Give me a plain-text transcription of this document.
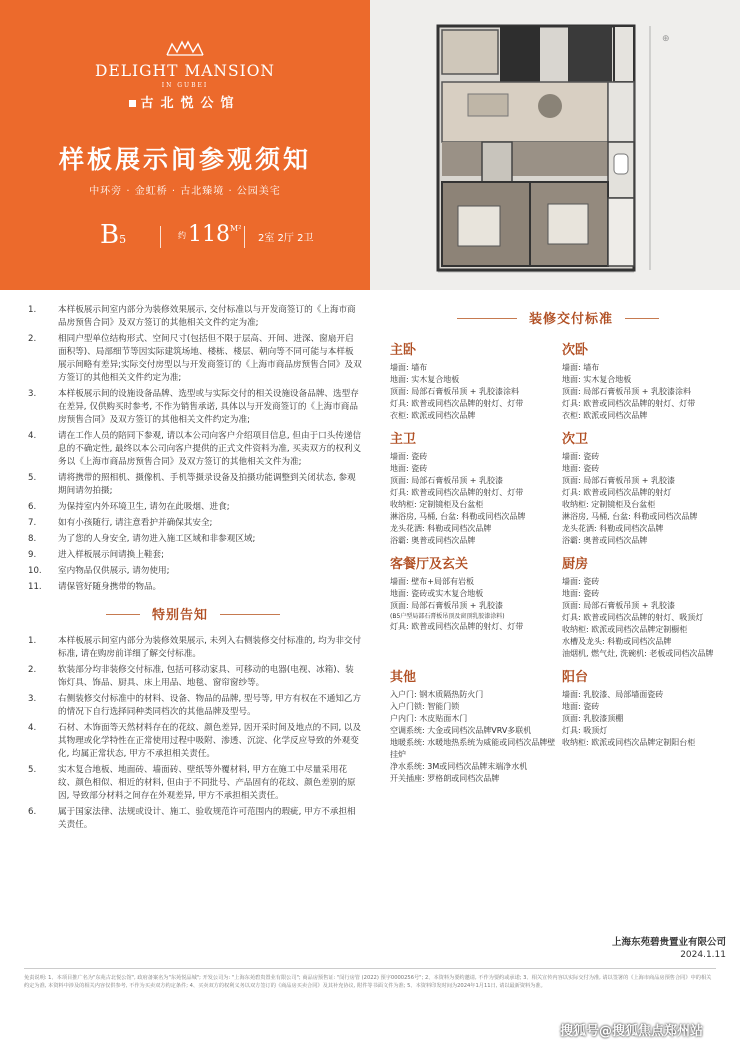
DELIGHT MANSION
IN GUBEI
古北悦公馆
样板展示间参观须知
中环旁 · 金虹桥 · 古北臻境 · 公园美宅
B5	约$118^{M^2}$
2室 2厅 2卫
⊕
1.	本样板展示间室内部分为装修效果展示, 交付标准以与开发商签订的《上海市商品房预售合同》及双方签订的其他相关文件约定为准;
2.	相同户型单位结构形式、空间尺寸(包括但不限于层高、开间、进深、窗扇开启面积等)、局部细节等因实际建筑场地、楼栋、楼层、朝向等不同可能与本样板展示间略有差异;实际交付房型以与开发商签订的《上海市商品房预售合同》及双方签订的其他相关文件约定为准;
3.	本样板展示间的设施设备品牌、选型或与实际交付的相关设施设备品牌、选型存在差异, 仅供购买时参考, 不作为销售承诺, 具体以与开发商签订的《上海市商品房预售合同》及双方签订的其他相关文件约定为准;
4.	请在工作人员的陪同下参观, 请以本公司向客户介绍项目信息, 但由于口头传递信息的不确定性, 最终以本公司向客户提供的正式文件资料为准, 买卖双方的权利义务以《上海市商品房预售合同》及双方签订的其他相关文件为准;
5.	请将携带的照相机、摄像机、手机等摄录设备及拍摄功能调整到关闭状态, 参观期间请勿拍摄;
6.	为保持室内外环境卫生, 请勿在此吸烟、进食;
7.	如有小孩随行, 请注意看护并确保其安全;
8.	为了您的人身安全, 请勿进入施工区域和非参观区域;
9.	进入样板展示间请换上鞋套;
10. 室内物品仅供展示, 请勿使用;
11. 请保管好随身携带的物品。
特别告知
1.	本样板展示间室内部分为装修效果展示, 未列入右侧装修交付标准的, 均为非交付标准, 请在购房前详细了解交付标准。
2.	软装部分均非装修交付标准, 包括可移动家具、可移动的电器(电视、冰箱)、装饰灯具、饰品、厨具、床上用品、地毯、窗帘窗纱等。
3.	右侧装修交付标准中的材料、设备、物品的品牌, 型号等, 甲方有权在不通知乙方的情况下自行选择同种类同档次的其他品牌及型号。
4.	石材、木饰面等天然材料存在的花纹、颜色差异, 因开采时间及地点的不同, 以及其物理或化学特性在正常使用过程中吸附、渗透、沉淀、化学反应导致的外观变化, 均属正常状态, 甲方不承担相关责任。
5.	实木复合地板、地面砖、墙面砖、壁纸等外覆材料, 甲方在施工中尽量采用花纹、颜色相似、相近的材料, 但由于不同批号、产品固有的花纹、颜色差别的原因, 导致部分材料之间存在外观差异, 甲方不承担相关责任。
6.	属于国家法律、法规或设计、施工、验收规范许可范围内的瑕疵, 甲方不承担相关责任。
装修交付标准
主卧

墙面: 墙布
地面: 实木复合地板
顶面: 局部石膏板吊顶 + 乳胶漆涂料
灯具: 欧普或同档次品牌的射灯、灯带
衣柜: 欧派或同档次品牌

次卧

墙面: 墙布
地面: 实木复合地板
顶面: 局部石膏板吊顶 + 乳胶漆涂料
灯具: 欧普或同档次品牌的射灯、灯带
衣柜: 欧派或同档次品牌

主卫

墙面: 瓷砖
地面: 瓷砖
顶面: 局部石膏板吊顶 + 乳胶漆
灯具: 欧普或同档次品牌的射灯、灯带
收纳柜: 定制镜柜及台盆柜
淋浴房, 马桶, 台盆: 科勒或同档次品牌
龙头花洒: 科勒或同档次品牌
浴霸: 奥普或同档次品牌

次卫

墙面: 瓷砖
地面: 瓷砖
顶面: 局部石膏板吊顶 + 乳胶漆
灯具: 欧普或同档次品牌的射灯
收纳柜: 定制镜柜及台盆柜
淋浴房, 马桶, 台盆: 科勒或同档次品牌
龙头花洒: 科勒或同档次品牌
浴霸: 奥普或同档次品牌

客餐厅及玄关

墙面: 壁布+局部有岩板
地面: 瓷砖或实木复合地板
顶面: 局部石膏板吊顶 + 乳胶漆

(B5户型局部石膏板吊顶及窗顶乳胶漆涂料)

灯具: 欧普或同档次品牌的射灯、灯带

厨房

墙面: 瓷砖
地面: 瓷砖
顶面: 局部石膏板吊顶 + 乳胶漆
灯具: 欧普或同档次品牌的射灯、吸顶灯
收纳柜: 欧派或同档次品牌定制橱柜
水槽及龙头: 科勒或同档次品牌
油烟机, 燃气灶, 洗碗机: 老板或同档次品牌

其他

入户门: 钢木质隔热防火门
入户门锁: 智能门锁
户内门: 木皮贴面木门
空调系统: 大金或同档次品牌VRV多联机
地暖系统: 水暖地热系统为威能或同档次品牌壁挂炉
净水系统: 3M或同档次品牌末端净水机
开关插座: 罗格朗或同档次品牌

阳台

墙面: 乳胶漆、局部墙面瓷砖
地面: 瓷砖
顶面: 乳胶漆顶棚
灯具: 吸顶灯
收纳柜: 欧派或同档次品牌定制阳台柜

上海东苑碧贵置业有限公司
2024.1.11
免责说明: 1、本项目推广名为"东苑古北悦公馆", 政府备案名为"东苑悦品城"; 开发公司为: "上海东苑碧贵置业有限公司"; 商品房预售证: "闵行房管 (2022) 预字0000256号"; 2、本资料为要约邀请, 不作为要约或承诺; 3、相关宣传内容以实际交付为准, 请以签署的《上海市商品房预售合同》中的相关约定为准, 本资料中涉及的相关内容仅供参考, 不作为买卖双方约定条件; 4、买卖双方的权利义务以双方签订的《商品房买卖合同》及其补充协议, 附件等书面文件为准; 5、本资料印发时间为2024年1月11日, 请以最新资料为准。
搜狐号@搜狐焦点郑州站
